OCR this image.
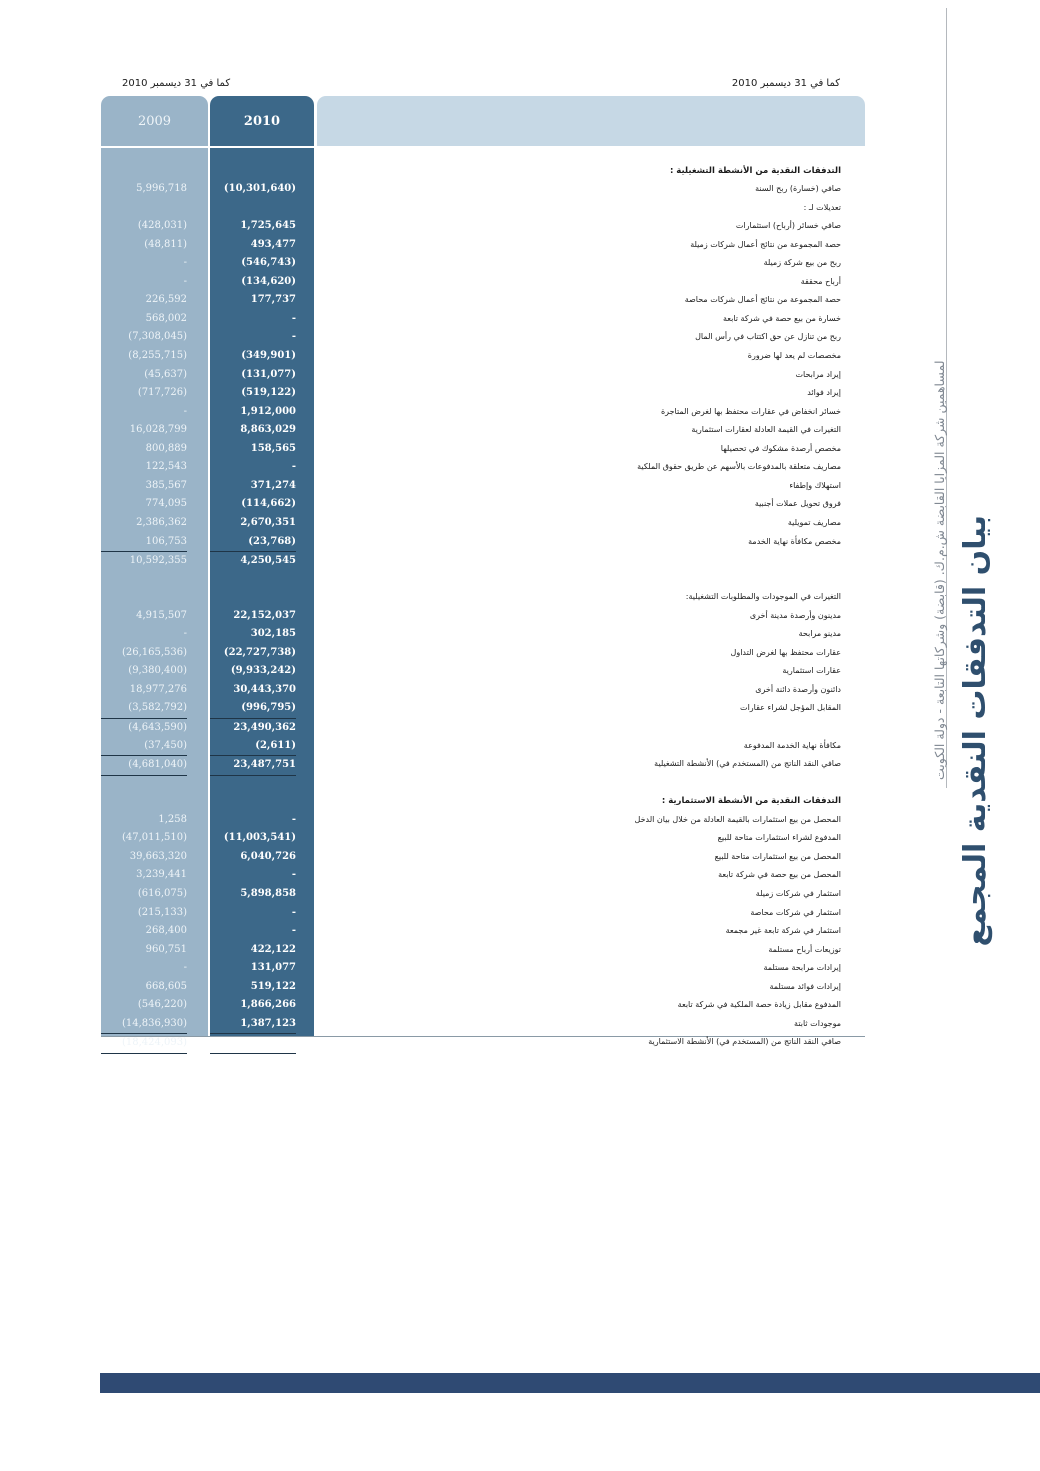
كما في 31 ديسمبر 2010	كما في 31 ديسمبر 2010
2009	2010
التدفقات النقدية من الأنشطة التشغيلية :
5,996,718	(10,301,640)	صافي (خسارة) ربح السنة
تعديلات لـ :
(428,031)	1,725,645	صافي خسائر (أرباح) استثمارات
(48,811)	493,477	حصة المجموعة من نتائج أعمال شركات زميلة
-	(546,743)	ربح من بيع شركة زميلة
-	(134,620)	أرباح محققة
226,592	177,737	حصة المجموعة من نتائج أعمال شركات محاصة
568,002	-	خسارة من بيع حصة في شركة تابعة
(7,308,045)	-	ربح من تنازل عن حق اكتتاب في رأس المال
(8,255,715)	(349,901)	مخصصات لم يعد لها ضرورة
(45,637)	(131,077)	إيراد مرابحات
(717,726)	(519,122)	إيراد فوائد
-	1,912,000	خسائر انخفاض في عقارات محتفظ بها لغرض المتاجرة
16,028,799	8,863,029	التغيرات في القيمة العادلة لعقارات استثمارية
800,889	158,565	مخصص أرصدة مشكوك في تحصيلها
122,543	-	مصاريف متعلقة بالمدفوعات بالأسهم عن طريق حقوق الملكية
385,567	371,274	استهلاك وإطفاء
774,095	(114,662)	فروق تحويل عملات أجنبية
2,386,362	2,670,351	مصاريف تمويلية
106,753	(23,768)	مخصص مكافأة نهاية الخدمة
10,592,355	4,250,545
التغيرات في الموجودات والمطلوبات التشغيلية:
4,915,507	22,152,037	مدينون وأرصدة مدينة أخرى
-	302,185	مدينو مرابحة
(26,165,536)	(22,727,738)	عقارات محتفظ بها لغرض التداول
(9,380,400)	(9,933,242)	عقارات استثمارية
18,977,276	30,443,370	دائنون وأرصدة دائنة أخرى
(3,582,792)	(996,795)	المقابل المؤجل لشراء عقارات
(4,643,590)	23,490,362
(37,450)	(2,611)	مكافأة نهاية الخدمة المدفوعة
(4,681,040)	23,487,751	صافي النقد الناتج من (المستخدم في) الأنشطة التشغيلية
التدفقات النقدية من الأنشطة الاستثمارية :
1,258	-	المحصل من بيع استثمارات بالقيمة العادلة من خلال بيان الدخل
(47,011,510)	(11,003,541)	المدفوع لشراء استثمارات متاحة للبيع
39,663,320	6,040,726	المحصل من بيع استثمارات متاحة للبيع
3,239,441	-	المحصل من بيع حصة في شركة تابعة
(616,075)	5,898,858	استثمار في شركات زميلة
(215,133)	-	استثمار في شركات محاصة
268,400	-	استثمار في شركة تابعة غير مجمعة
960,751	422,122	توزيعات أرباح مستلمة
-	131,077	إيرادات مرابحة مستلمة
668,605	519,122	إيرادات فوائد مستلمة
(546,220)	1,866,266	المدفوع مقابل زيادة حصة الملكية في شركة تابعة
(14,836,930)	1,387,123	موجودات ثابتة
(18,424,093)	5,261,753	صافي النقد الناتج من (المستخدم في) الأنشطة الاستثمارية
لمساهمين شركة المزايا القابضة ش.م.ك. (قابضة) وشركاتها التابعة - دولة الكويت بيان التدفقات النقدية المجمع
